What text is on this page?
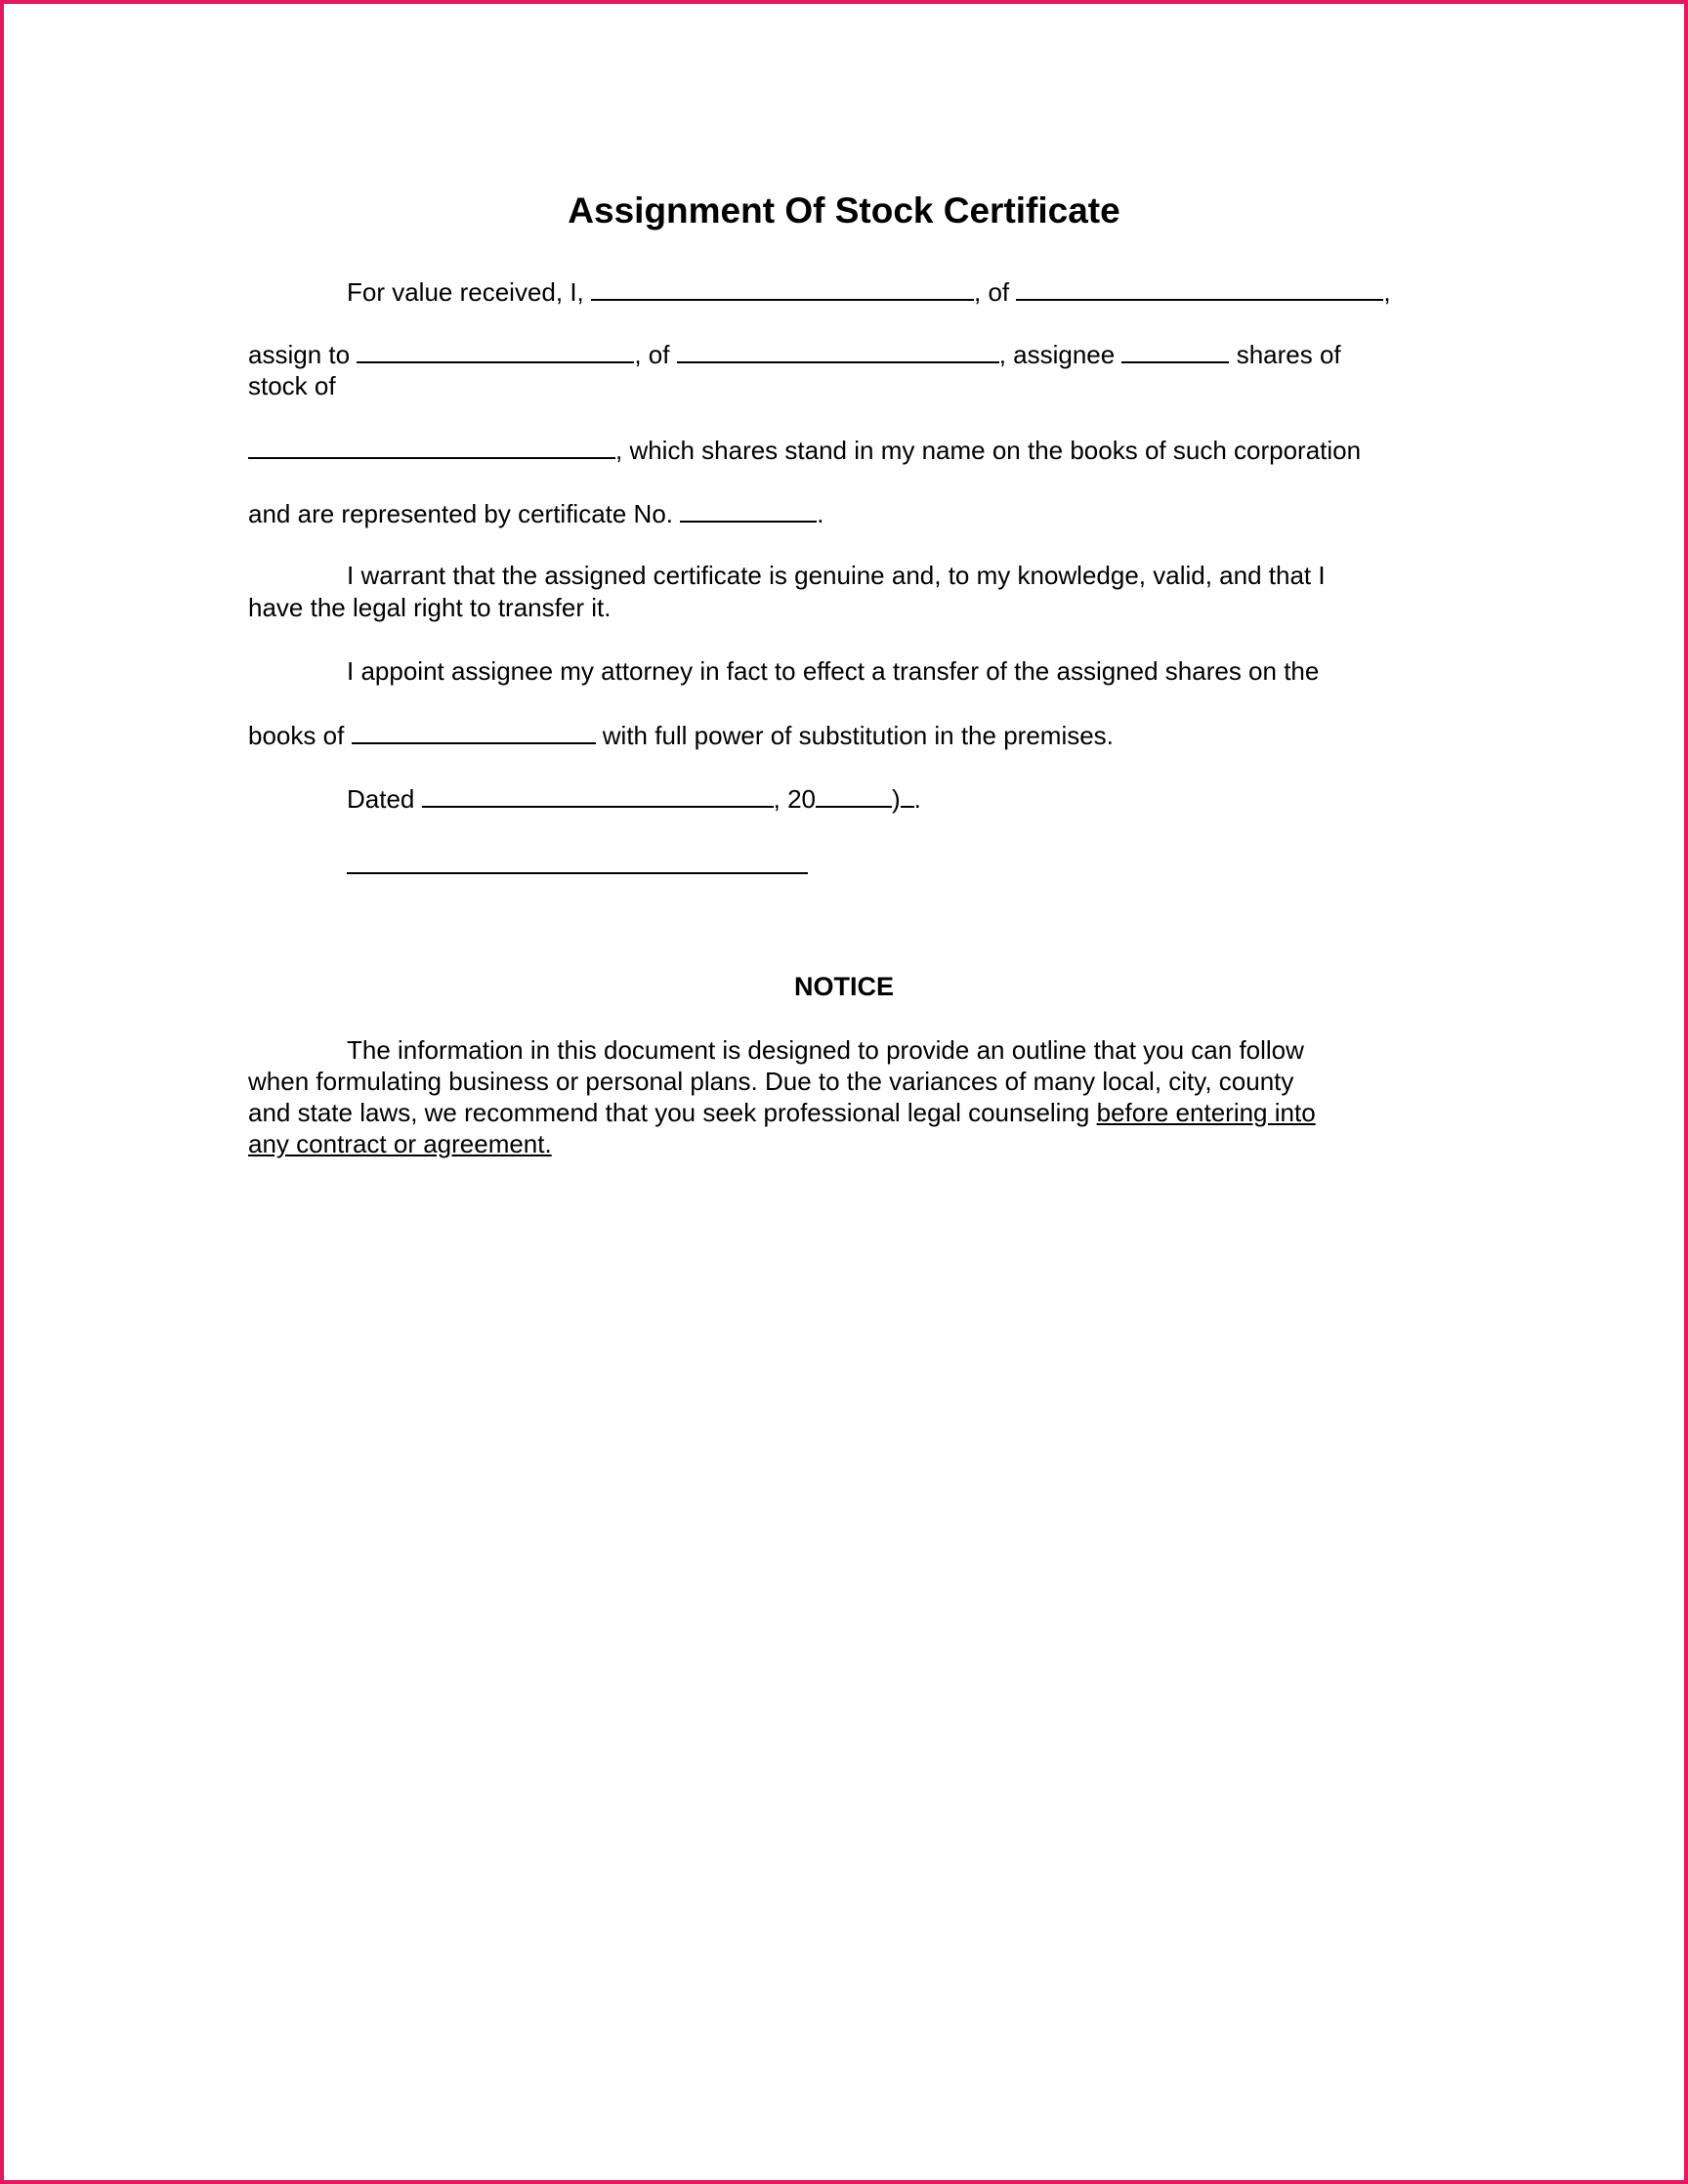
Assignment Of Stock Certificate
For value received, I,	, of	,
assign to	, of	, assignee	shares of
stock of
, which shares stand in my name on the books of such corporation
and are represented by certificate No.	.
I warrant that the assigned certificate is genuine and, to my knowledge, valid, and that I
have the legal right to transfer it.
I appoint assignee my attorney in fact to effect a transfer of the assigned shares on the
books of	with full power of substitution in the premises.
Dated	, 20	) .
NOTICE
The information in this document is designed to provide an outline that you can follow
when formulating business or personal plans. Due to the variances of many local, city, county
and state laws, we recommend that you seek professional legal counseling before entering into
any contract or agreement.
